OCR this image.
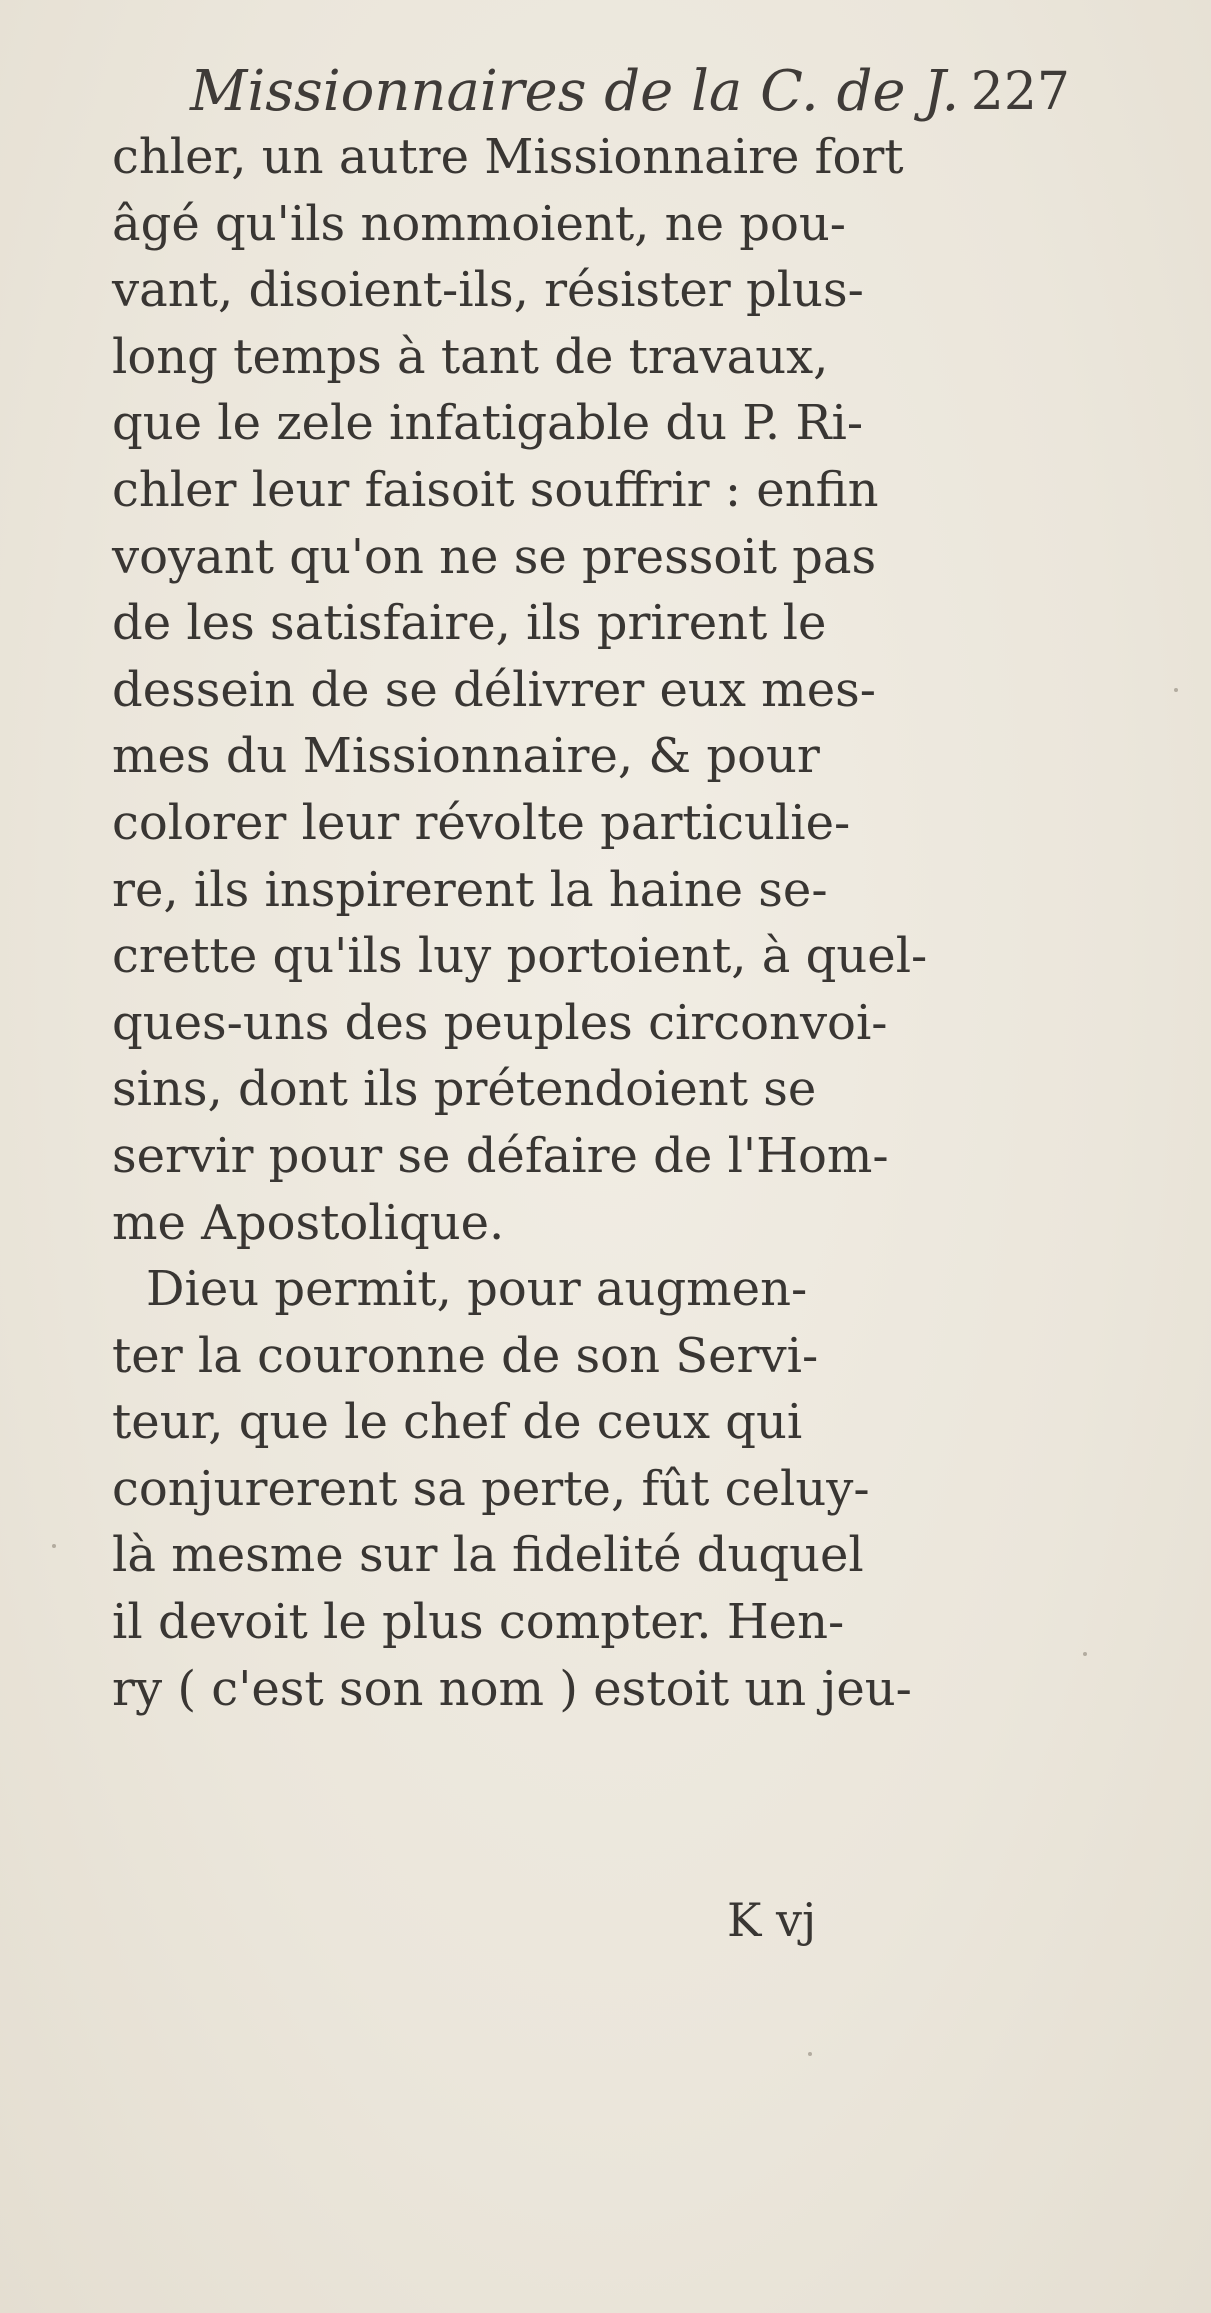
Missionnaires de la C. de J. 227
chler, un autre Missionnaire fort
âgé qu'ils nommoient, ne pou-
vant, disoient-ils, résister plus-
long temps à tant de travaux,
que le zele infatigable du P. Ri-
chler leur faisoit souffrir : enfin
voyant qu'on ne se pressoit pas
de les satisfaire, ils prirent le
dessein de se délivrer eux mes-
mes du Missionnaire, & pour
colorer leur révolte particulie-
re, ils inspirerent la haine se-
crette qu'ils luy portoient, à quel-
ques-uns des peuples circonvoi-
sins, dont ils prétendoient se
servir pour se défaire de l'Hom-
me Apostolique.
Dieu permit, pour augmen-
ter la couronne de son Servi-
teur, que le chef de ceux qui
conjurerent sa perte, fût celuy-
là mesme sur la fidelité duquel
il devoit le plus compter. Hen-
ry ( c'est son nom ) estoit un jeu-
K vj
